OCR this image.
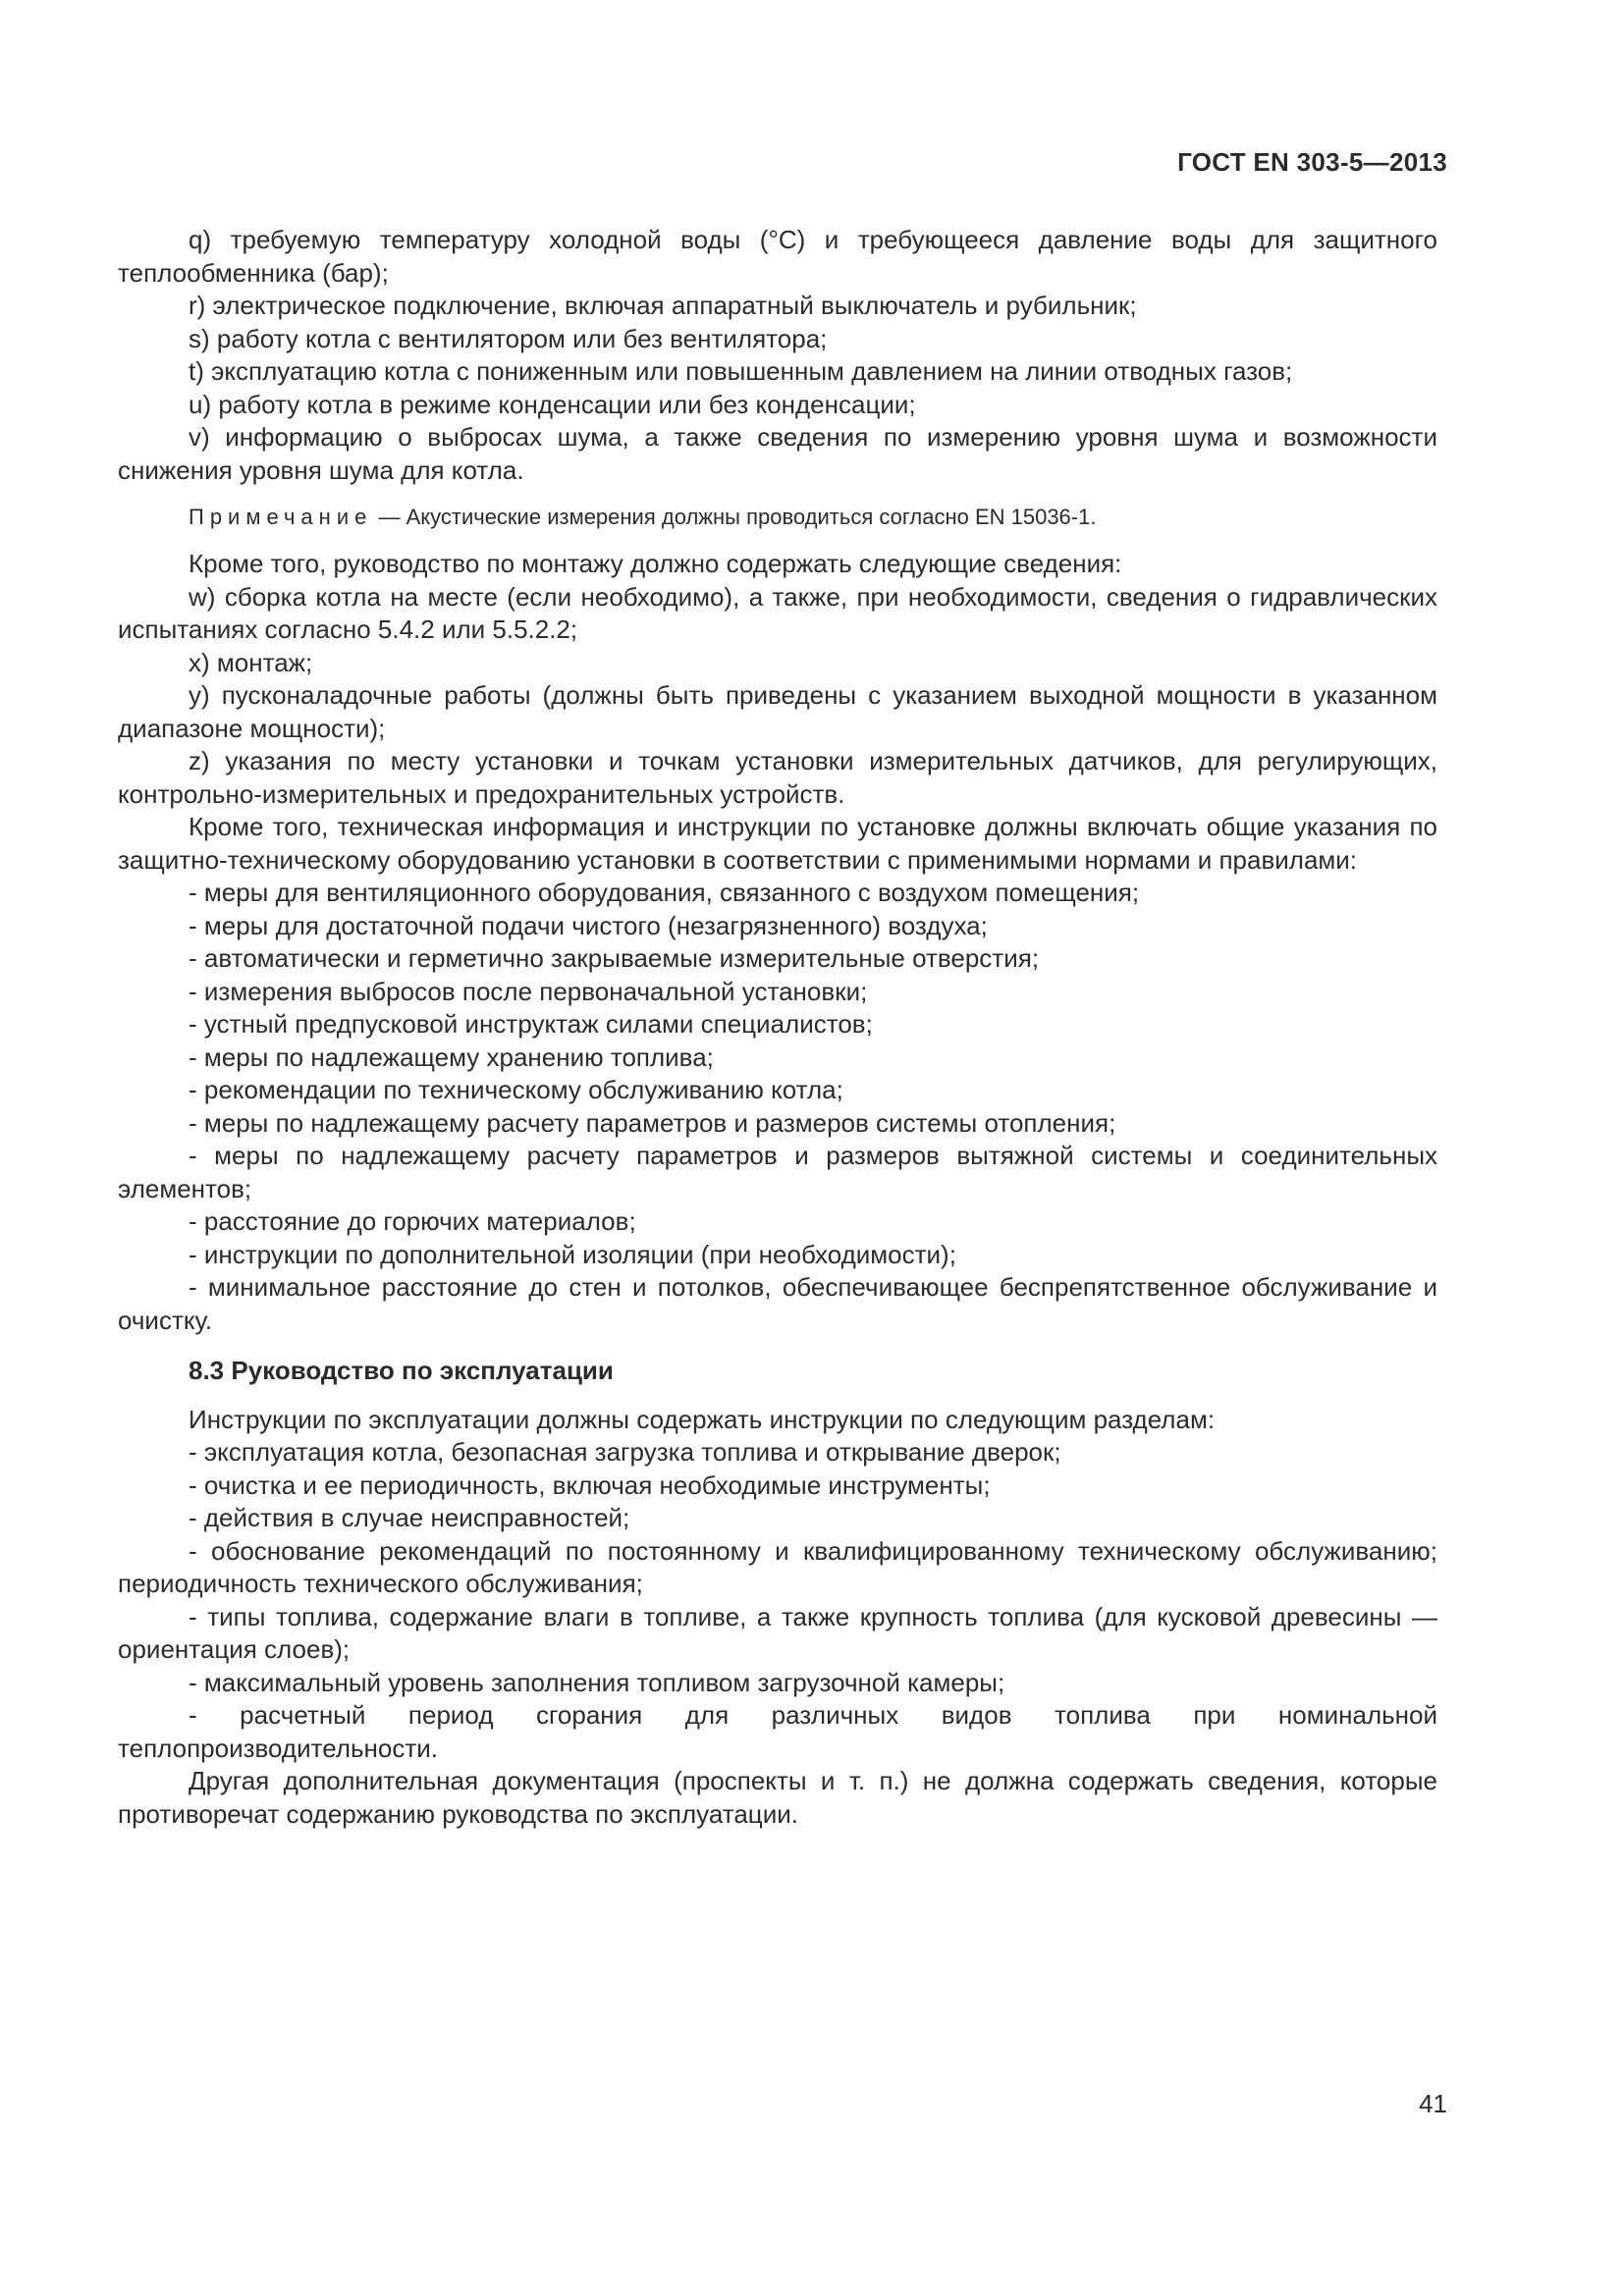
ГОСТ EN 303-5—2013

q) требуемую температуру холодной воды (°С) и требующееся давление воды для защитного теплообменника (бар);

r) электрическое подключение, включая аппаратный выключатель и рубильник;

s) работу котла с вентилятором или без вентилятора;

t) эксплуатацию котла с пониженным или повышенным давлением на линии отводных газов;

u) работу котла в режиме конденсации или без конденсации;

v) информацию о выбросах шума, а также сведения по измерению уровня шума и возможности снижения уровня шума для котла.

Примечание — Акустические измерения должны проводиться согласно EN 15036-1.

Кроме того, руководство по монтажу должно содержать следующие сведения:

w) сборка котла на месте (если необходимо), а также, при необходимости, сведения о гидравлических испытаниях согласно 5.4.2 или 5.5.2.2;

x) монтаж;

y) пусконаладочные работы (должны быть приведены с указанием выходной мощности в указанном диапазоне мощности);

z) указания по месту установки и точкам установки измерительных датчиков, для регулирующих, контрольно-измерительных и предохранительных устройств.

Кроме того, техническая информация и инструкции по установке должны включать общие указания по защитно-техническому оборудованию установки в соответствии с применимыми нормами и правилами:

- меры для вентиляционного оборудования, связанного с воздухом помещения;

- меры для достаточной подачи чистого (незагрязненного) воздуха;

- автоматически и герметично закрываемые измерительные отверстия;

- измерения выбросов после первоначальной установки;

- устный предпусковой инструктаж силами специалистов;

- меры по надлежащему хранению топлива;

- рекомендации по техническому обслуживанию котла;

- меры по надлежащему расчету параметров и размеров системы отопления;

- меры по надлежащему расчету параметров и размеров вытяжной системы и соединительных элементов;

- расстояние до горючих материалов;

- инструкции по дополнительной изоляции (при необходимости);

- минимальное расстояние до стен и потолков, обеспечивающее беспрепятственное обслуживание и очистку.

8.3 Руководство по эксплуатации

Инструкции по эксплуатации должны содержать инструкции по следующим разделам:

- эксплуатация котла, безопасная загрузка топлива и открывание дверок;

- очистка и ее периодичность, включая необходимые инструменты;

- действия в случае неисправностей;

- обоснование рекомендаций по постоянному и квалифицированному техническому обслуживанию; периодичность технического обслуживания;

- типы топлива, содержание влаги в топливе, а также крупность топлива (для кусковой древесины — ориентация слоев);

- максимальный уровень заполнения топливом загрузочной камеры;

- расчетный период сгорания для различных видов топлива при номинальной теплопроизводительности.

Другая дополнительная документация (проспекты и т. п.) не должна содержать сведения, которые противоречат содержанию руководства по эксплуатации.

41
